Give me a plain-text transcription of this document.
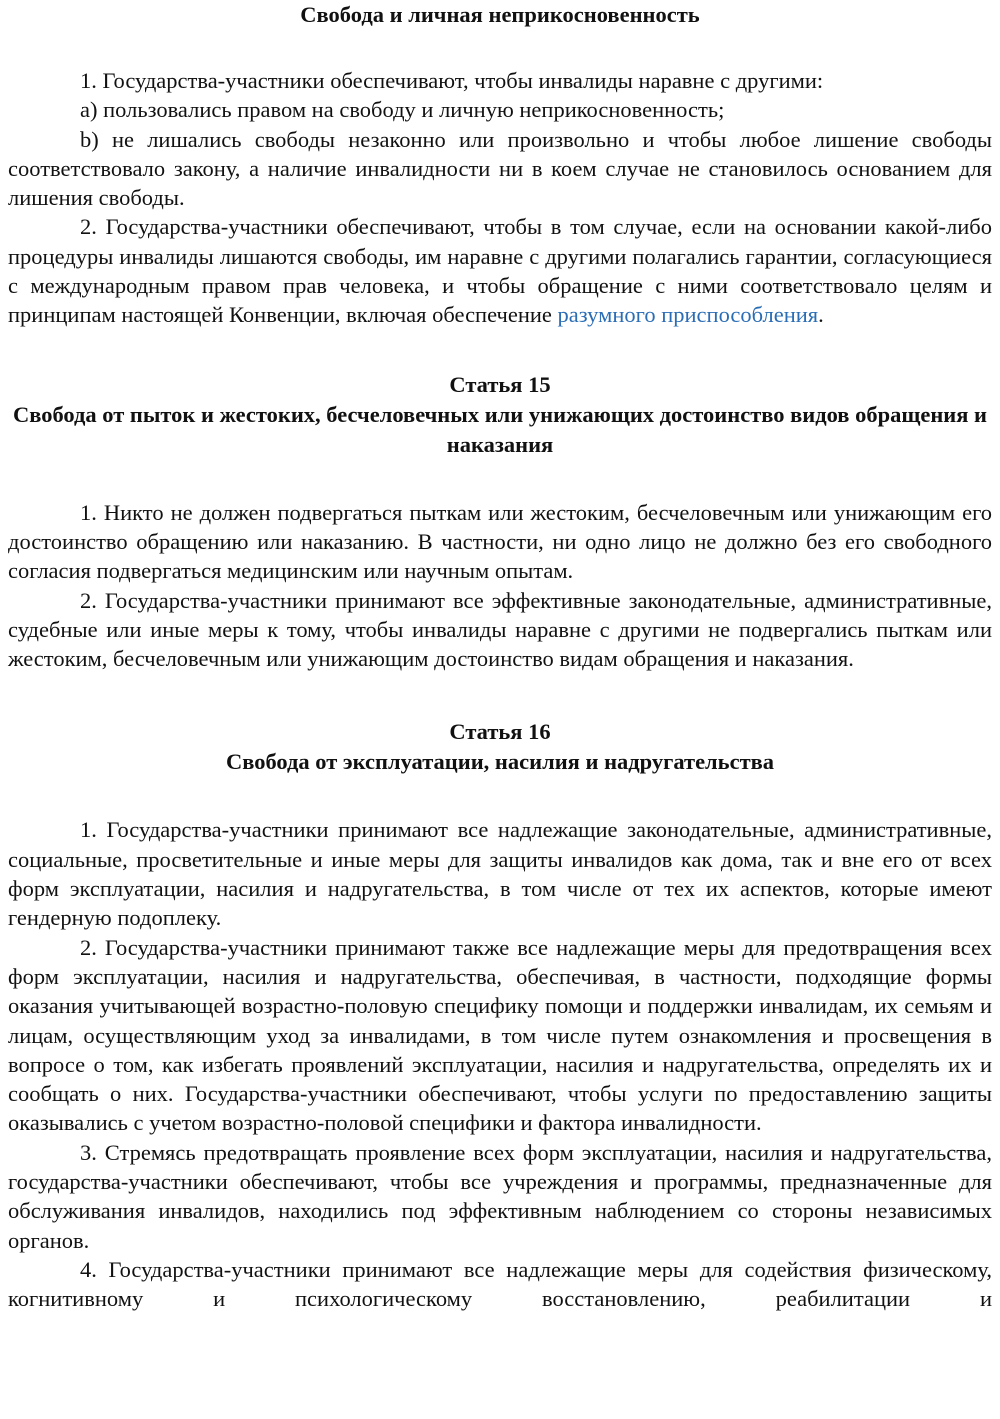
Свобода и личная неприкосновенность

1. Государства-участники обеспечивают, чтобы инвалиды наравне с другими:

a) пользовались правом на свободу и личную неприкосновенность;

b) не лишались свободы незаконно или произвольно и чтобы любое лишение свободы соответствовало закону, а наличие инвалидности ни в коем случае не становилось основанием для лишения свободы.

2. Государства-участники обеспечивают, чтобы в том случае, если на основании какой-либо процедуры инвалиды лишаются свободы, им наравне с другими полагались гарантии, согласующиеся с международным правом прав человека, и чтобы обращение с ними соответствовало целям и принципам настоящей Конвенции, включая обеспечение разумного приспособления.

Статья 15
Свобода от пыток и жестоких, бесчеловечных или унижающих достоинство видов обращения и наказания

1. Никто не должен подвергаться пыткам или жестоким, бесчеловечным или унижающим его достоинство обращению или наказанию. В частности, ни одно лицо не должно без его свободного согласия подвергаться медицинским или научным опытам.

2. Государства-участники принимают все эффективные законодательные, административные, судебные или иные меры к тому, чтобы инвалиды наравне с другими не подвергались пыткам или жестоким, бесчеловечным или унижающим достоинство видам обращения и наказания.

Статья 16
Свобода от эксплуатации, насилия и надругательства

1. Государства-участники принимают все надлежащие законодательные, административные, социальные, просветительные и иные меры для защиты инвалидов как дома, так и вне его от всех форм эксплуатации, насилия и надругательства, в том числе от тех их аспектов, которые имеют гендерную подоплеку.

2. Государства-участники принимают также все надлежащие меры для предотвращения всех форм эксплуатации, насилия и надругательства, обеспечивая, в частности, подходящие формы оказания учитывающей возрастно-половую специфику помощи и поддержки инвалидам, их семьям и лицам, осуществляющим уход за инвалидами, в том числе путем ознакомления и просвещения в вопросе о том, как избегать проявлений эксплуатации, насилия и надругательства, определять их и сообщать о них. Государства-участники обеспечивают, чтобы услуги по предоставлению защиты оказывались с учетом возрастно-половой специфики и фактора инвалидности.

3. Стремясь предотвращать проявление всех форм эксплуатации, насилия и надругательства, государства-участники обеспечивают, чтобы все учреждения и программы, предназначенные для обслуживания инвалидов, находились под эффективным наблюдением со стороны независимых органов.

4. Государства-участники принимают все надлежащие меры для содействия физическому, когнитивному и психологическому восстановлению, реабилитации и
